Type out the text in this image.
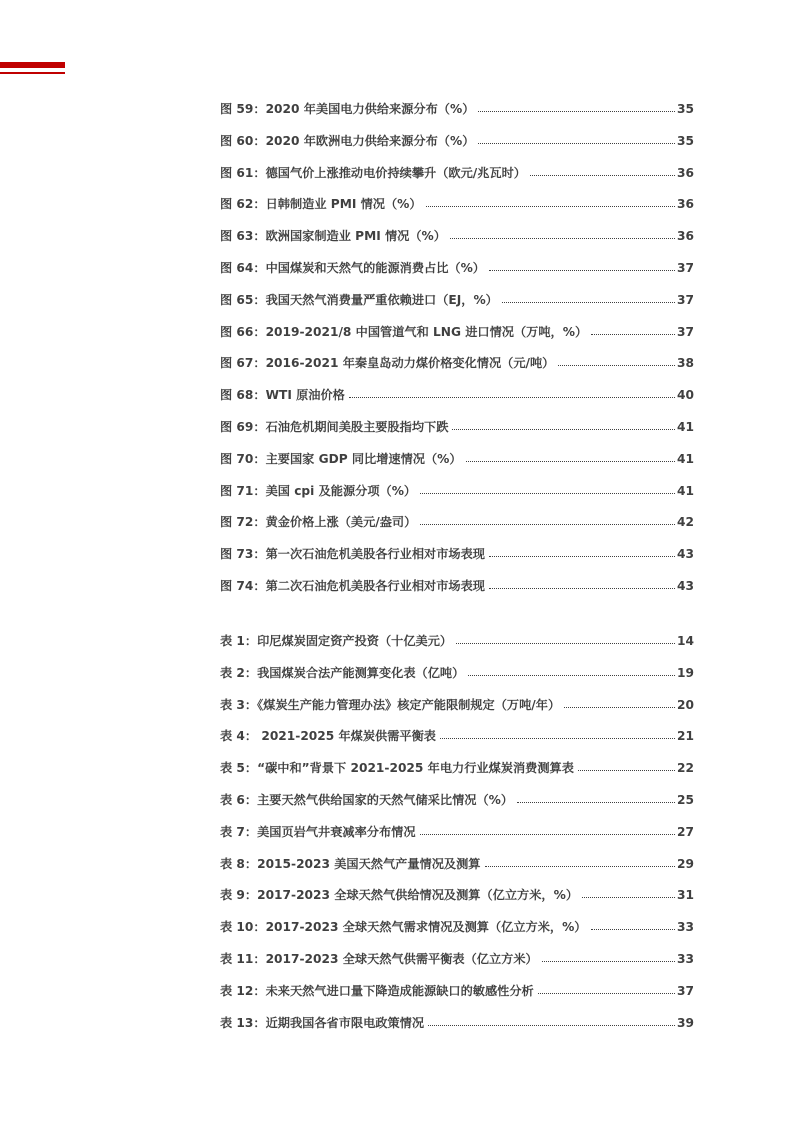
图 59：2020 年美国电力供给来源分布（%）	35
图 60：2020 年欧洲电力供给来源分布（%）	35
图 61：德国气价上涨推动电价持续攀升（欧元/兆瓦时）	36
图 62：日韩制造业 PMI 情况（%）	36
图 63：欧洲国家制造业 PMI 情况（%）	36
图 64：中国煤炭和天然气的能源消费占比（%）	37
图 65：我国天然气消费量严重依赖进口（EJ，%）	37
图 66：2019-2021/8 中国管道气和 LNG 进口情况（万吨，%）	37
图 67：2016-2021 年秦皇岛动力煤价格变化情况（元/吨）	38
图 68：WTI 原油价格	40
图 69：石油危机期间美股主要股指均下跌	41
图 70：主要国家 GDP 同比增速情况（%）	41
图 71：美国 cpi 及能源分项（%）	41
图 72：黄金价格上涨（美元/盎司）	42
图 73：第一次石油危机美股各行业相对市场表现	43
图 74：第二次石油危机美股各行业相对市场表现	43
表 1：印尼煤炭固定资产投资（十亿美元）	14
表 2：我国煤炭合法产能测算变化表（亿吨）	19
表 3：《煤炭生产能力管理办法》核定产能限制规定（万吨/年）	20
表 4： 2021-2025 年煤炭供需平衡表	21
表 5：“碳中和”背景下 2021-2025 年电力行业煤炭消费测算表	22
表 6：主要天然气供给国家的天然气储采比情况（%）	25
表 7：美国页岩气井衰减率分布情况	27
表 8：2015-2023 美国天然气产量情况及测算	29
表 9：2017-2023 全球天然气供给情况及测算（亿立方米，%）	31
表 10：2017-2023 全球天然气需求情况及测算（亿立方米，%）	33
表 11：2017-2023 全球天然气供需平衡表（亿立方米）	33
表 12：未来天然气进口量下降造成能源缺口的敏感性分析	37
表 13：近期我国各省市限电政策情况	39
